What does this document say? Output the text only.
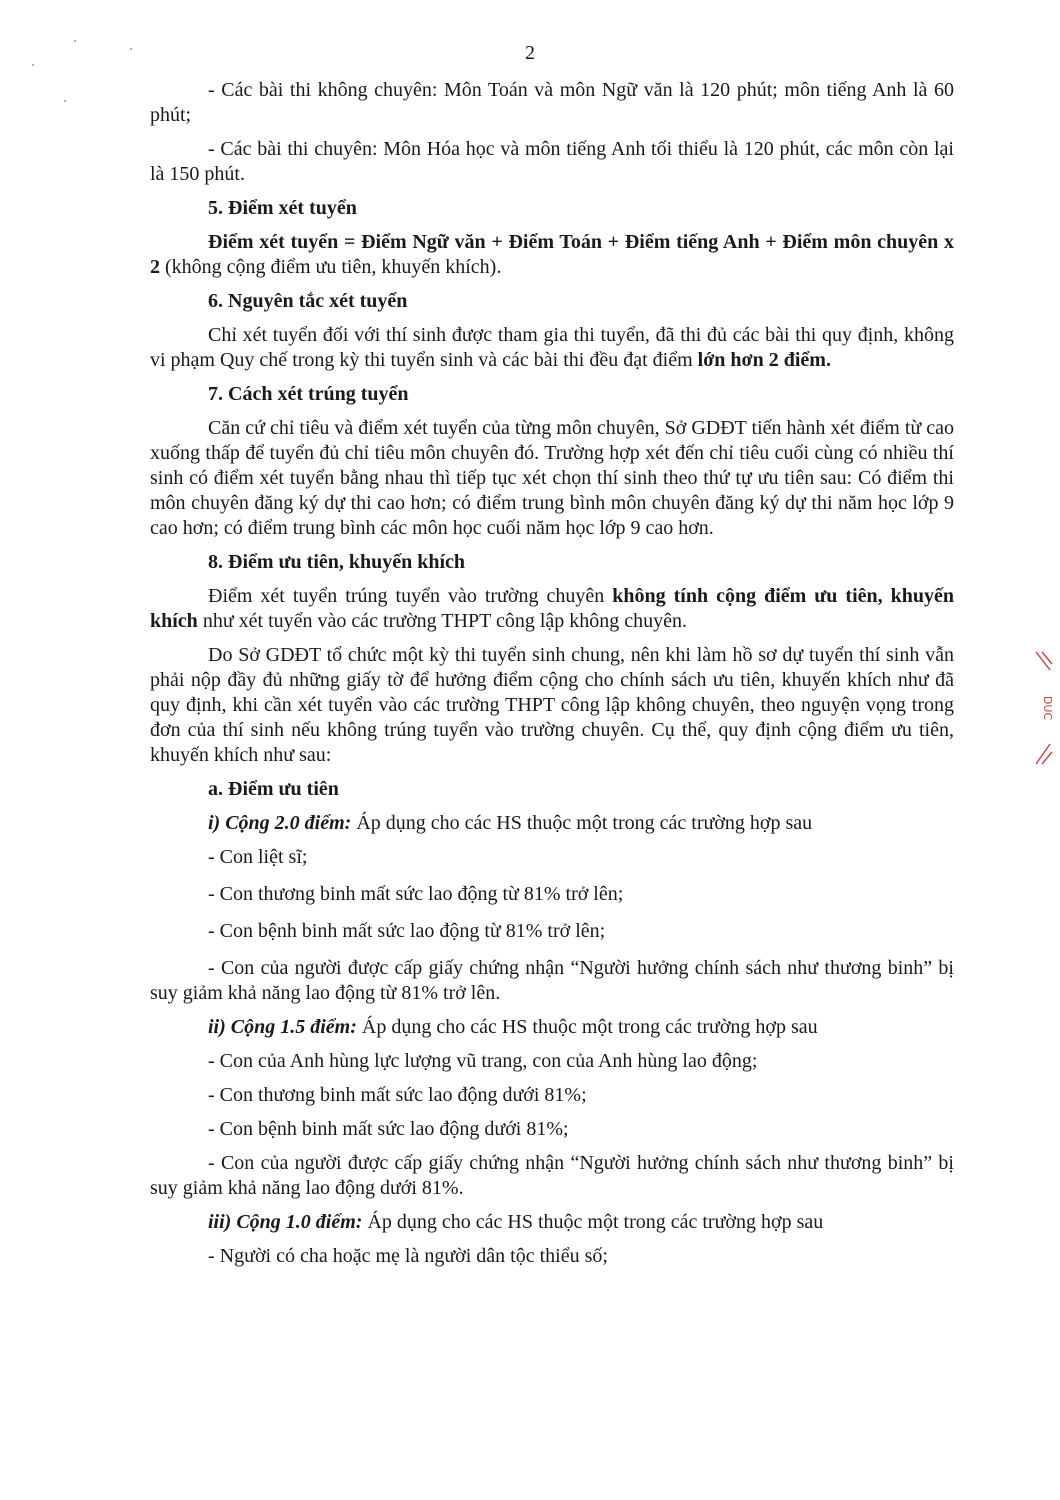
2
DUC

- Các bài thi không chuyên: Môn Toán và môn Ngữ văn là 120 phút; môn tiếng Anh là 60 phút;

- Các bài thi chuyên: Môn Hóa học và môn tiếng Anh tối thiểu là 120 phút, các môn còn lại là 150 phút.

5. Điểm xét tuyển

Điểm xét tuyển = Điểm Ngữ văn + Điểm Toán + Điểm tiếng Anh + Điểm môn chuyên x 2 (không cộng điểm ưu tiên, khuyến khích).

6. Nguyên tắc xét tuyển

Chỉ xét tuyển đối với thí sinh được tham gia thi tuyển, đã thi đủ các bài thi quy định, không vi phạm Quy chế trong kỳ thi tuyển sinh và các bài thi đều đạt điểm lớn hơn 2 điểm.

7. Cách xét trúng tuyển

Căn cứ chỉ tiêu và điểm xét tuyển của từng môn chuyên, Sở GDĐT tiến hành xét điểm từ cao xuống thấp để tuyển đủ chỉ tiêu môn chuyên đó. Trường hợp xét đến chỉ tiêu cuối cùng có nhiều thí sinh có điểm xét tuyển bằng nhau thì tiếp tục xét chọn thí sinh theo thứ tự ưu tiên sau: Có điểm thi môn chuyên đăng ký dự thi cao hơn; có điểm trung bình môn chuyên đăng ký dự thi năm học lớp 9 cao hơn; có điểm trung bình các môn học cuối năm học lớp 9 cao hơn.

8. Điểm ưu tiên, khuyến khích

Điểm xét tuyển trúng tuyển vào trường chuyên không tính cộng điểm ưu tiên, khuyến khích như xét tuyển vào các trường THPT công lập không chuyên.

Do Sở GDĐT tổ chức một kỳ thi tuyển sinh chung, nên khi làm hồ sơ dự tuyển thí sinh vẫn phải nộp đầy đủ những giấy tờ để hưởng điểm cộng cho chính sách ưu tiên, khuyến khích như đã quy định, khi cần xét tuyển vào các trường THPT công lập không chuyên, theo nguyện vọng trong đơn của thí sinh nếu không trúng tuyển vào trường chuyên. Cụ thể, quy định cộng điểm ưu tiên, khuyến khích như sau:

a. Điểm ưu tiên

i) Cộng 2.0 điểm: Áp dụng cho các HS thuộc một trong các trường hợp sau

- Con liệt sĩ;

- Con thương binh mất sức lao động từ 81% trở lên;

- Con bệnh binh mất sức lao động từ 81% trở lên;

- Con của người được cấp giấy chứng nhận “Người hưởng chính sách như thương binh” bị suy giảm khả năng lao động từ 81% trở lên.

ii) Cộng 1.5 điểm: Áp dụng cho các HS thuộc một trong các trường hợp sau

- Con của Anh hùng lực lượng vũ trang, con của Anh hùng lao động;

- Con thương binh mất sức lao động dưới 81%;

- Con bệnh binh mất sức lao động dưới 81%;

- Con của người được cấp giấy chứng nhận “Người hưởng chính sách như thương binh” bị suy giảm khả năng lao động dưới 81%.

iii) Cộng 1.0 điểm: Áp dụng cho các HS thuộc một trong các trường hợp sau

- Người có cha hoặc mẹ là người dân tộc thiểu số;
